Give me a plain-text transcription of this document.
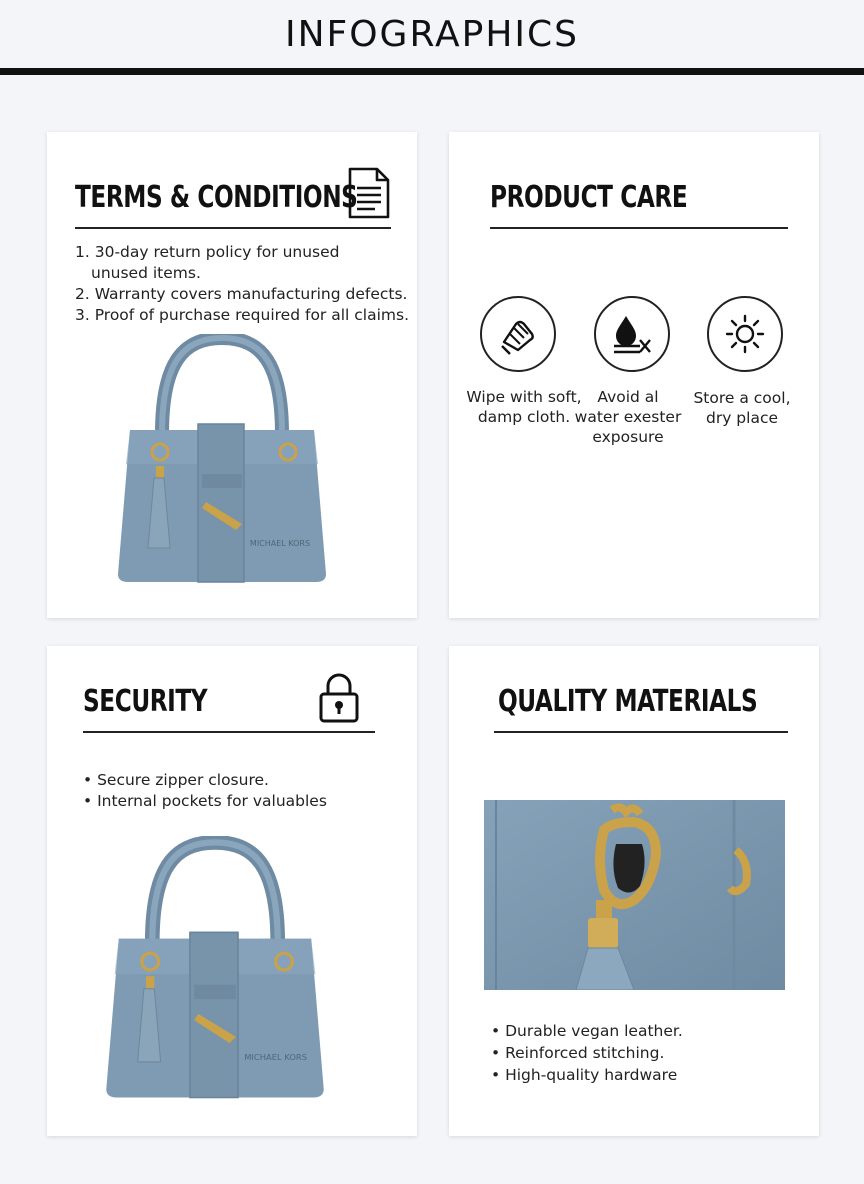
INFOGRAPHICS
TERMS & CONDITIONS

1. 30-day return policy for unused

unused items.

2. Warranty covers manufacturing defects.

3. Proof of purchase required for all claims.

MICHAEL KORS
PRODUCT CARE
Wipe with soft,
damp cloth.
Avoid al
water exester
exposure
Store a cool,
dry place
SECURITY

• Secure zipper closure.

• Internal pockets for valuables

MICHAEL KORS
QUALITY MATERIALS

• Durable vegan leather.

• Reinforced stitching.

• High-quality hardware
